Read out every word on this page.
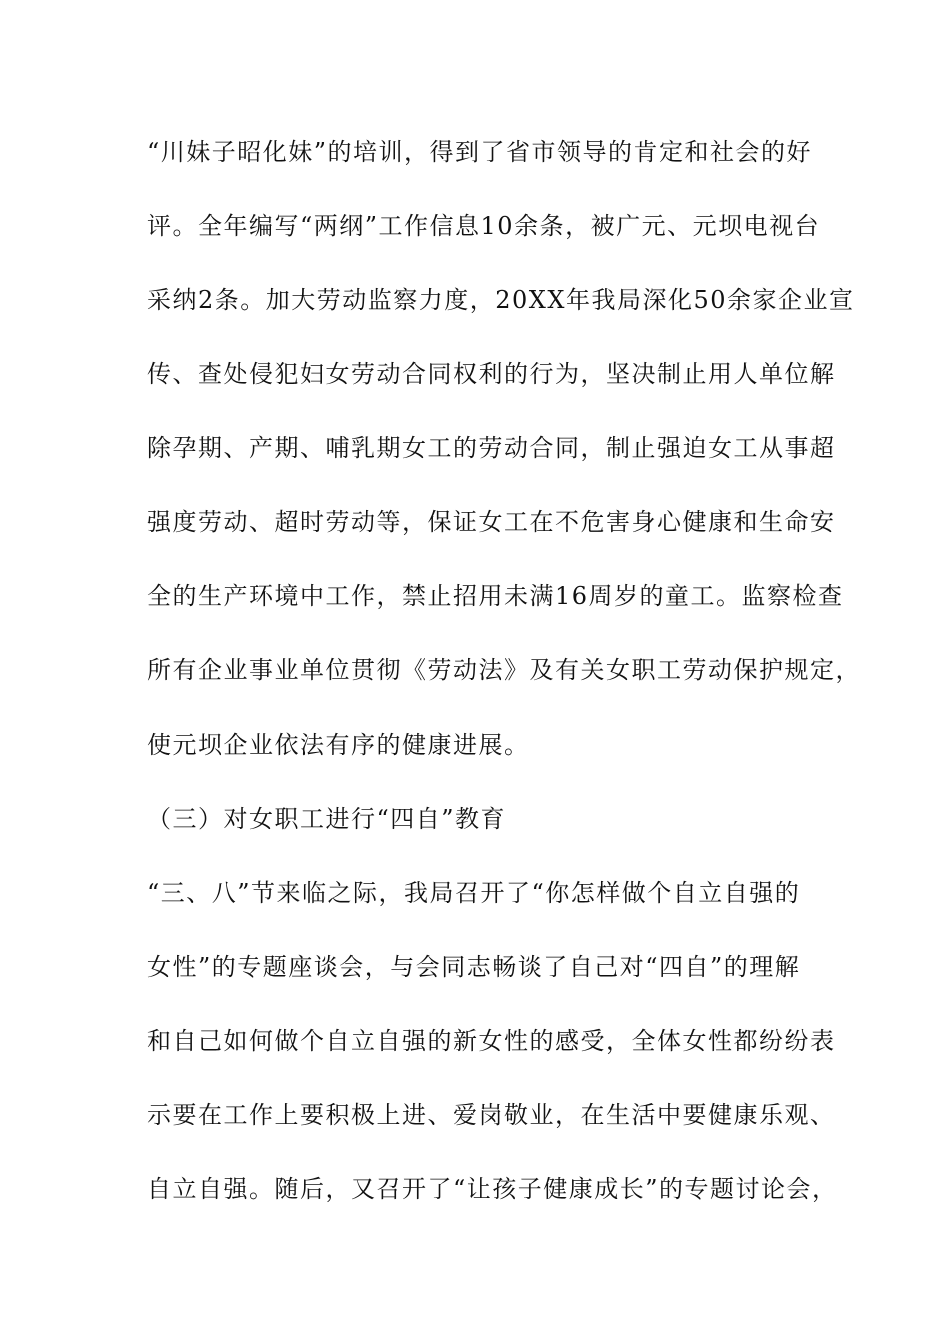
“川妹子昭化妹”的培训，得到了省市领导的肯定和社会的好
评。全年编写“两纲”工作信息10余条，被广元、元坝电视台
采纳2条。加大劳动监察力度，20XX年我局深化50余家企业宣
传、查处侵犯妇女劳动合同权利的行为，坚决制止用人单位解
除孕期、产期、哺乳期女工的劳动合同，制止强迫女工从事超
强度劳动、超时劳动等，保证女工在不危害身心健康和生命安
全的生产环境中工作，禁止招用未满16周岁的童工。监察检查
所有企业事业单位贯彻《劳动法》及有关女职工劳动保护规定，
使元坝企业依法有序的健康进展。
（三）对女职工进行“四自”教育
“三、八”节来临之际，我局召开了“你怎样做个自立自强的
女性”的专题座谈会，与会同志畅谈了自己对“四自”的理解
和自己如何做个自立自强的新女性的感受，全体女性都纷纷表
示要在工作上要积极上进、爱岗敬业，在生活中要健康乐观、
自立自强。随后，又召开了“让孩子健康成长”的专题讨论会，
